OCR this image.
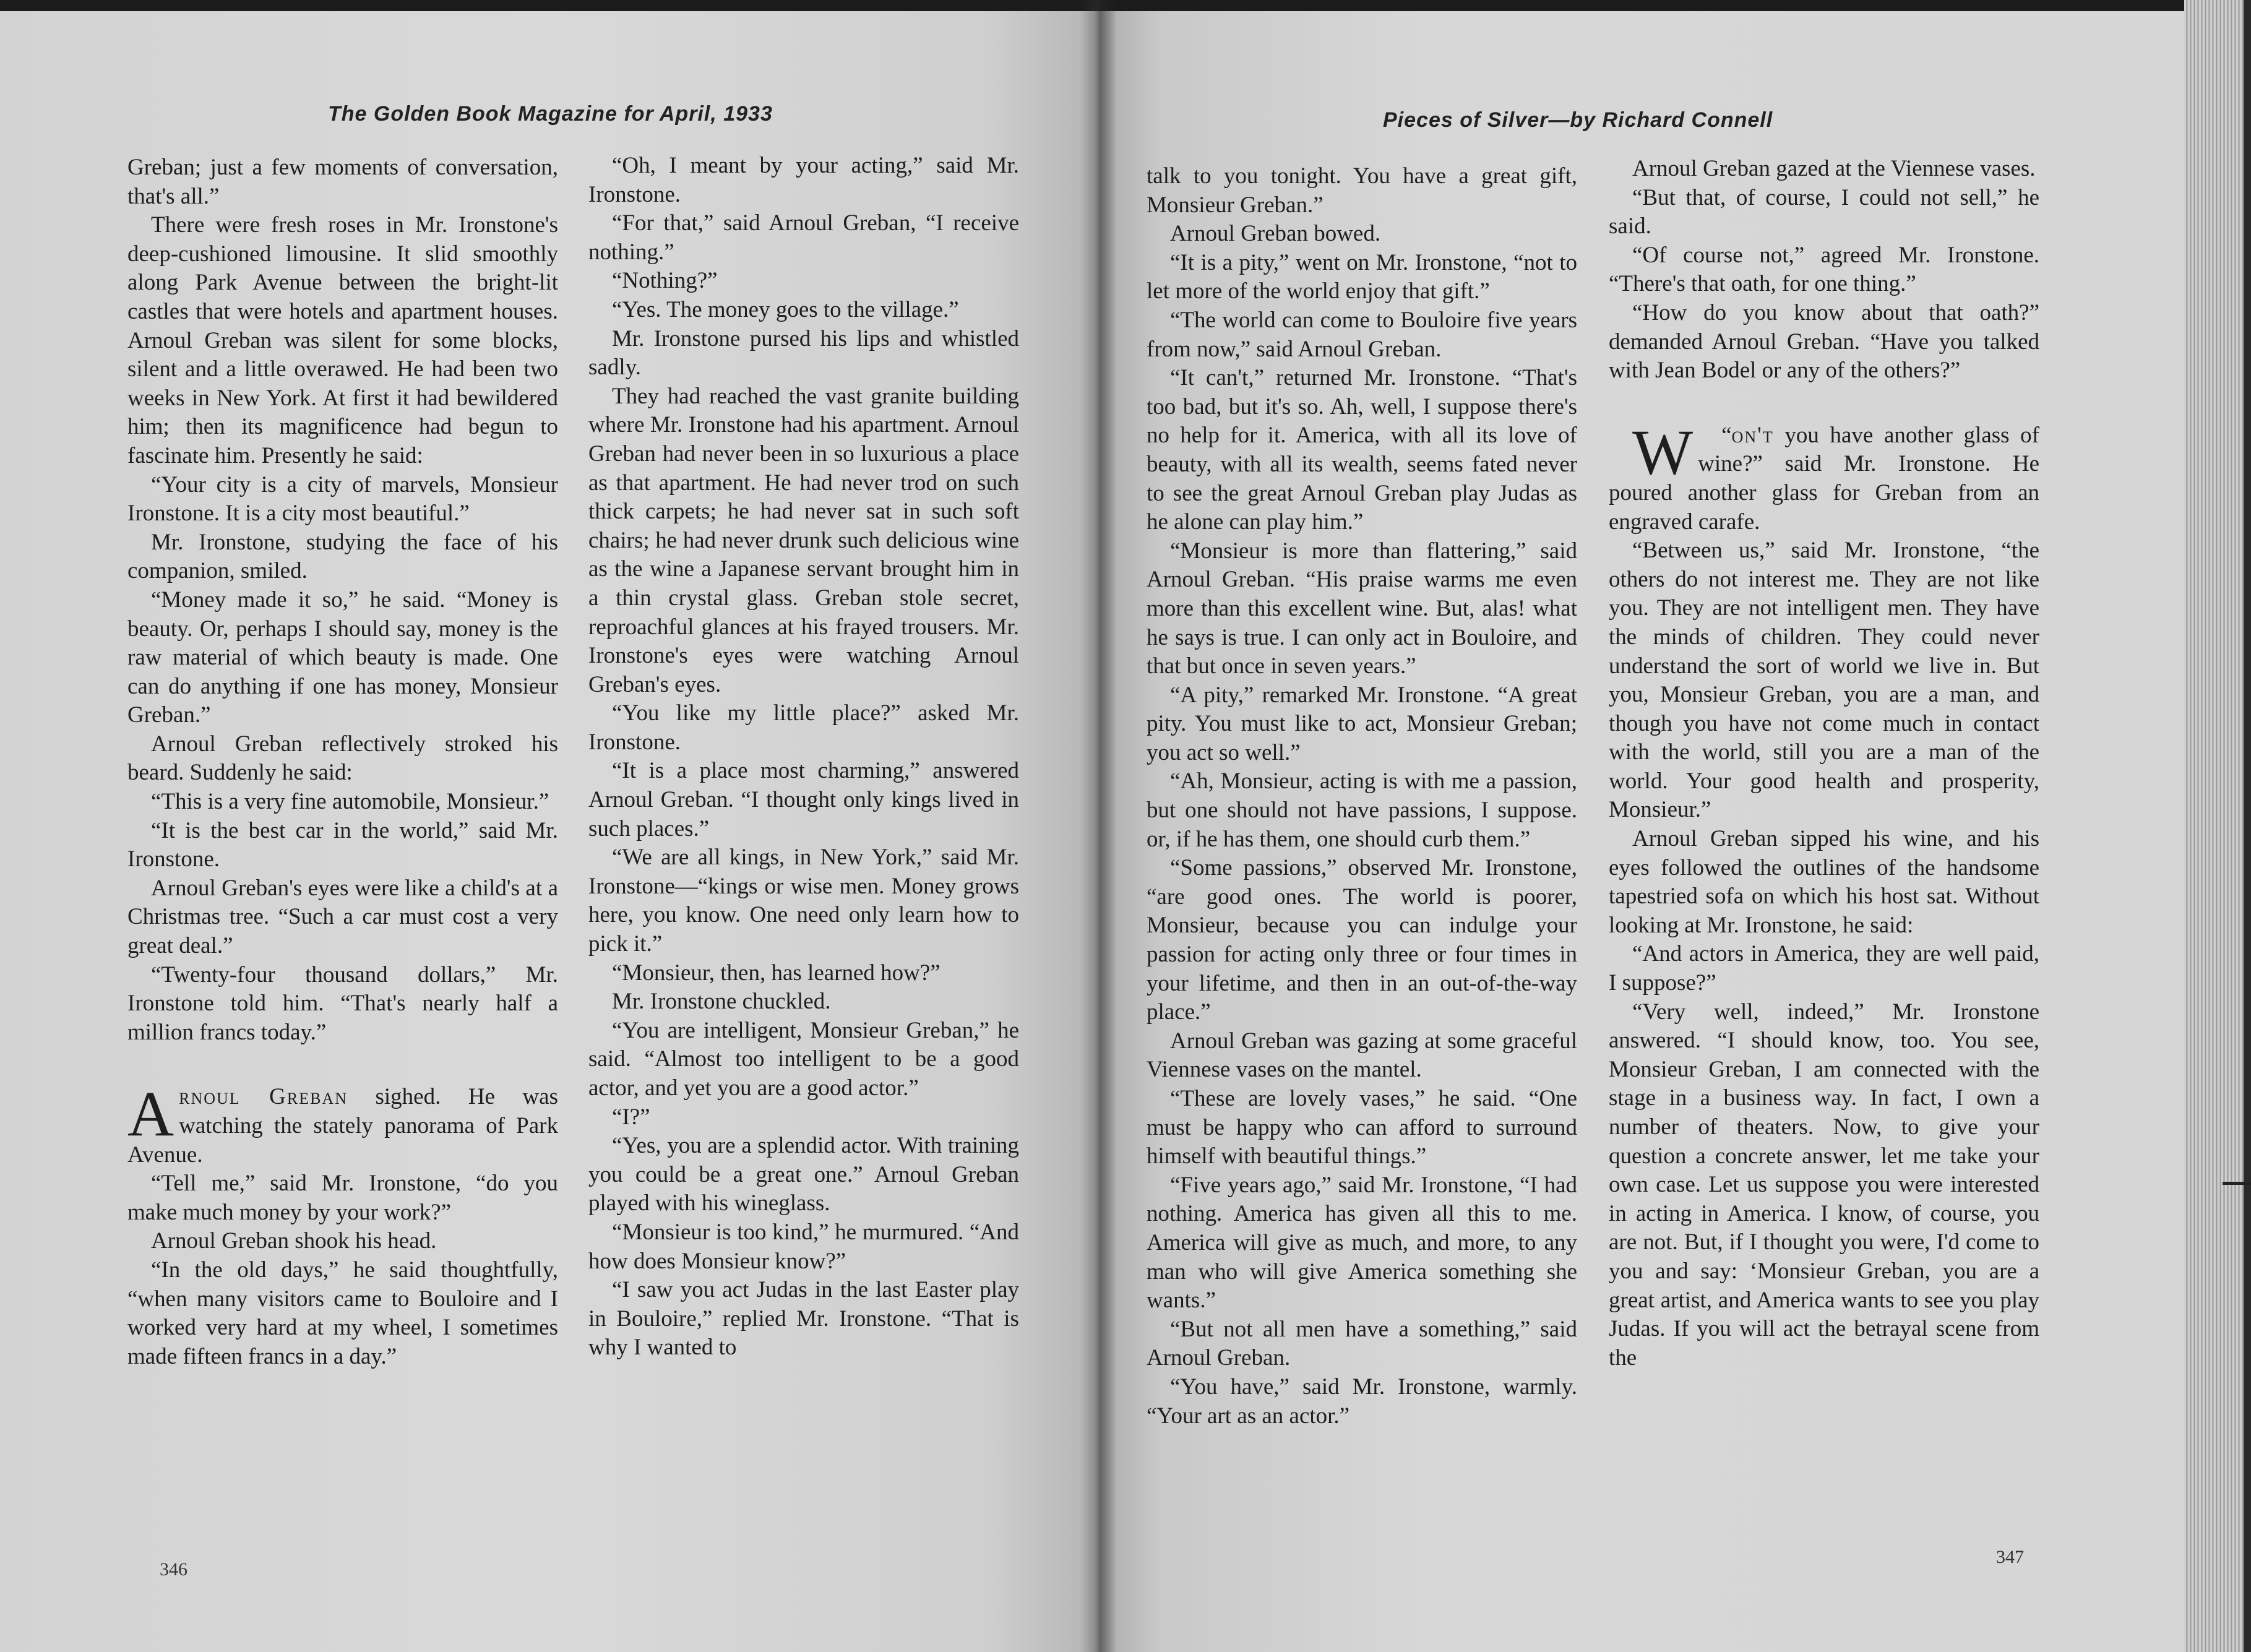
The Golden Book Magazine for April, 1933	Pieces of Silver—by Richard Connell

Greban; just a few moments of conversation, that's all.”

There were fresh roses in Mr. Ironstone's deep-cushioned limousine. It slid smoothly along Park Avenue between the bright-lit castles that were hotels and apartment houses. Arnoul Greban was silent for some blocks, silent and a little overawed. He had been two weeks in New York. At first it had bewildered him; then its magnificence had begun to fascinate him. Presently he said:

“Your city is a city of marvels, Monsieur Ironstone. It is a city most beautiful.”

Mr. Ironstone, studying the face of his companion, smiled.

“Money made it so,” he said. “Money is beauty. Or, perhaps I should say, money is the raw material of which beauty is made. One can do anything if one has money, Monsieur Greban.”

Arnoul Greban reflectively stroked his beard. Suddenly he said:

“This is a very fine automobile, Monsieur.”

“It is the best car in the world,” said Mr. Ironstone.

Arnoul Greban's eyes were like a child's at a Christmas tree. “Such a car must cost a very great deal.”

“Twenty-four thousand dollars,” Mr. Ironstone told him. “That's nearly half a million francs today.”

Arnoul Greban sighed. He was watching the stately panorama of Park Avenue.

“Tell me,” said Mr. Ironstone, “do you make much money by your work?”

Arnoul Greban shook his head.

“In the old days,” he said thoughtfully, “when many visitors came to Bouloire and I worked very hard at my wheel, I sometimes made fifteen francs in a day.”

“Oh, I meant by your acting,” said Mr. Ironstone.

“For that,” said Arnoul Greban, “I receive nothing.”

“Nothing?”

“Yes. The money goes to the village.”

Mr. Ironstone pursed his lips and whistled sadly.

They had reached the vast granite building where Mr. Ironstone had his apartment. Arnoul Greban had never been in so luxurious a place as that apartment. He had never trod on such thick carpets; he had never sat in such soft chairs; he had never drunk such delicious wine as the wine a Japanese servant brought him in a thin crystal glass. Greban stole secret, reproachful glances at his frayed trousers. Mr. Ironstone's eyes were watching Arnoul Greban's eyes.

“You like my little place?” asked Mr. Ironstone.

“It is a place most charming,” answered Arnoul Greban. “I thought only kings lived in such places.”

“We are all kings, in New York,” said Mr. Ironstone—“kings or wise men. Money grows here, you know. One need only learn how to pick it.”

“Monsieur, then, has learned how?”

Mr. Ironstone chuckled.

“You are intelligent, Monsieur Greban,” he said. “Almost too intelligent to be a good actor, and yet you are a good actor.”

“I?”

“Yes, you are a splendid actor. With training you could be a great one.” Arnoul Greban played with his wineglass.

“Monsieur is too kind,” he murmured. “And how does Monsieur know?”

“I saw you act Judas in the last Easter play in Bouloire,” replied Mr. Ironstone. “That is why I wanted to

talk to you tonight. You have a great gift, Monsieur Greban.”

Arnoul Greban bowed.

“It is a pity,” went on Mr. Ironstone, “not to let more of the world enjoy that gift.”

“The world can come to Bouloire five years from now,” said Arnoul Greban.

“It can't,” returned Mr. Ironstone. “That's too bad, but it's so. Ah, well, I suppose there's no help for it. America, with all its love of beauty, with all its wealth, seems fated never to see the great Arnoul Greban play Judas as he alone can play him.”

“Monsieur is more than flattering,” said Arnoul Greban. “His praise warms me even more than this excellent wine. But, alas! what he says is true. I can only act in Bouloire, and that but once in seven years.”

“A pity,” remarked Mr. Ironstone. “A great pity. You must like to act, Monsieur Greban; you act so well.”

“Ah, Monsieur, acting is with me a passion, but one should not have passions, I suppose. or, if he has them, one should curb them.”

“Some passions,” observed Mr. Ironstone, “are good ones. The world is poorer, Monsieur, because you can indulge your passion for acting only three or four times in your lifetime, and then in an out-of-the-way place.”

Arnoul Greban was gazing at some graceful Viennese vases on the mantel.

“These are lovely vases,” he said. “One must be happy who can afford to surround himself with beautiful things.”

“Five years ago,” said Mr. Ironstone, “I had nothing. America has given all this to me. America will give as much, and more, to any man who will give America something she wants.”

“But not all men have a something,” said Arnoul Greban.

“You have,” said Mr. Ironstone, warmly. “Your art as an actor.”

Arnoul Greban gazed at the Viennese vases.

“But that, of course, I could not sell,” he said.

“Of course not,” agreed Mr. Ironstone. “There's that oath, for one thing.”

“How do you know about that oath?” demanded Arnoul Greban. “Have you talked with Jean Bodel or any of the others?”

“
W on't you have another glass of wine?” said Mr. Ironstone. He poured another glass for Greban from an engraved carafe.

“Between us,” said Mr. Ironstone, “the others do not interest me. They are not like you. They are not intelligent men. They have the minds of children. They could never understand the sort of world we live in. But you, Monsieur Greban, you are a man, and though you have not come much in contact with the world, still you are a man of the world. Your good health and prosperity, Monsieur.”

Arnoul Greban sipped his wine, and his eyes followed the outlines of the handsome tapestried sofa on which his host sat. Without looking at Mr. Ironstone, he said:

“And actors in America, they are well paid, I suppose?”

“Very well, indeed,” Mr. Ironstone answered. “I should know, too. You see, Monsieur Greban, I am connected with the stage in a business way. In fact, I own a number of theaters. Now, to give your question a concrete answer, let me take your own case. Let us suppose you were interested in acting in America. I know, of course, you are not. But, if I thought you were, I'd come to you and say: ‘Monsieur Greban, you are a great artist, and America wants to see you play Judas. If you will act the betrayal scene from the

346
347
